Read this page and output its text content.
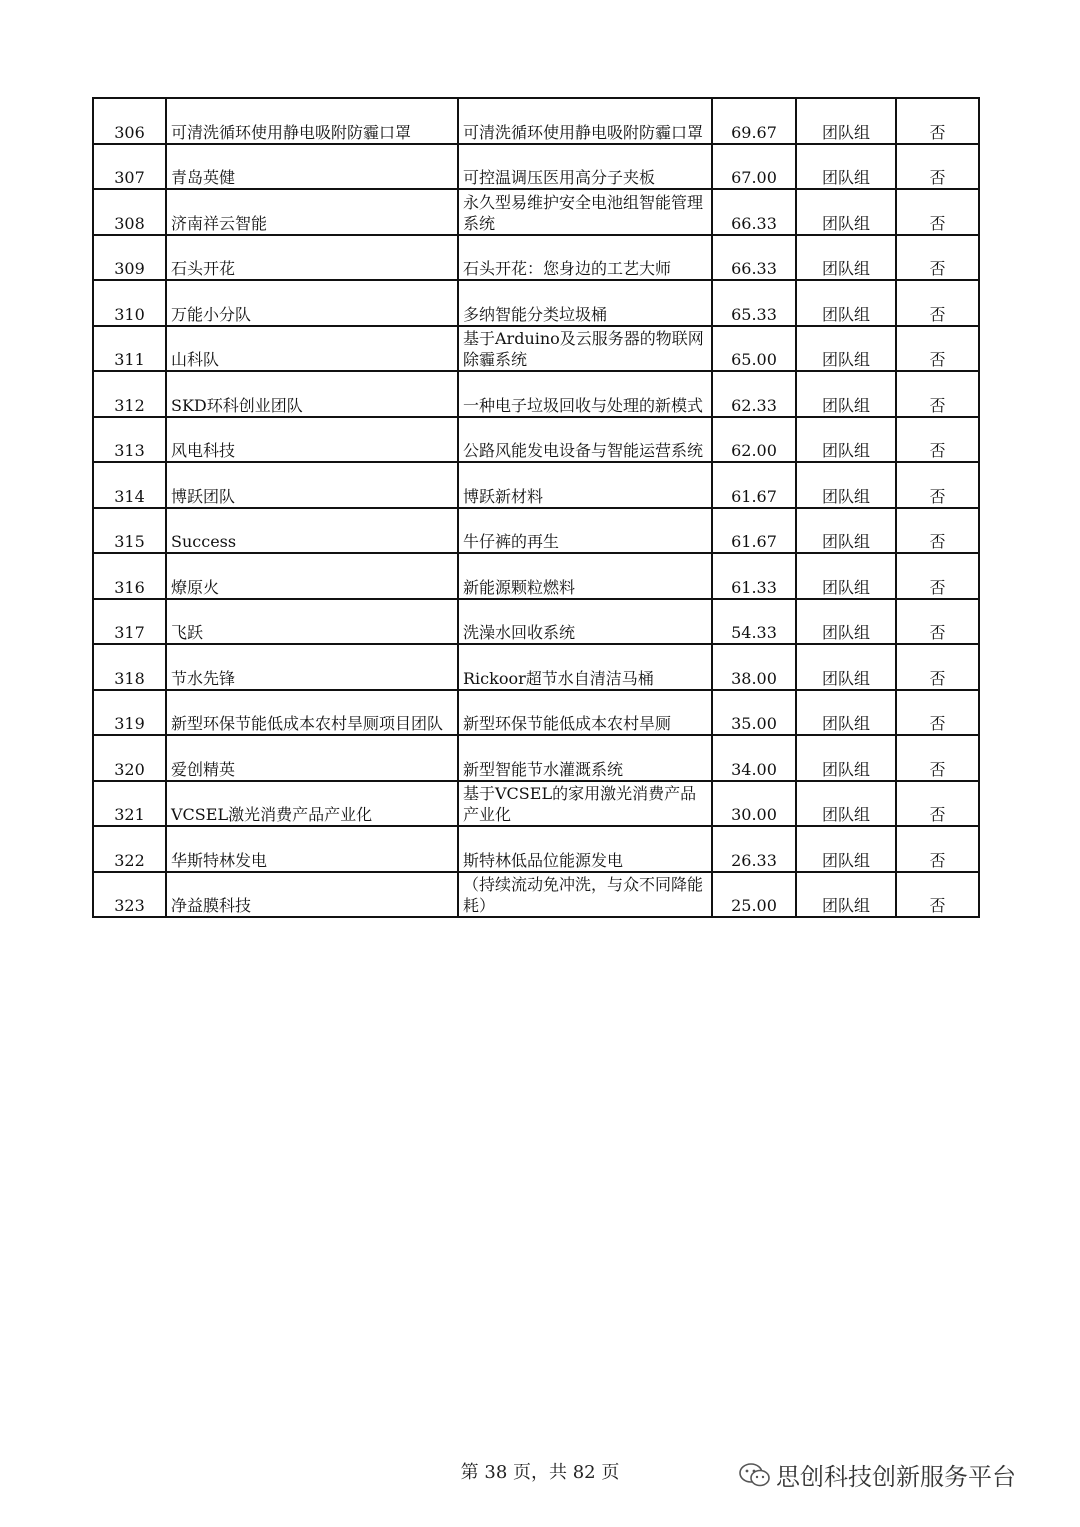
306	可清洗循环使用静电吸附防霾口罩	可清洗循环使用静电吸附防霾口罩	69.67	团队组	否
307	青岛英健	可控温调压医用高分子夹板	67.00	团队组	否
308	济南祥云智能	永久型易维护安全电池组智能管理系统	66.33	团队组	否
309	石头开花	石头开花：您身边的工艺大师	66.33	团队组	否
310	万能小分队	多纳智能分类垃圾桶	65.33	团队组	否
311	山科队	基于Arduino及云服务器的物联网除霾系统	65.00	团队组	否
312	SKD环科创业团队	一种电子垃圾回收与处理的新模式	62.33	团队组	否
313	风电科技	公路风能发电设备与智能运营系统	62.00	团队组	否
314	博跃团队	博跃新材料	61.67	团队组	否
315	Success	牛仔裤的再生	61.67	团队组	否
316	燎原火	新能源颗粒燃料	61.33	团队组	否
317	飞跃	洗澡水回收系统	54.33	团队组	否
318	节水先锋	Rickoor超节水自清洁马桶	38.00	团队组	否
319	新型环保节能低成本农村旱厕项目团队	新型环保节能低成本农村旱厕	35.00	团队组	否
320	爱创精英	新型智能节水灌溉系统	34.00	团队组	否
321	VCSEL激光消费产品产业化	基于VCSEL的家用激光消费产品产业化	30.00	团队组	否
322	华斯特林发电	斯特林低品位能源发电	26.33	团队组	否
323	净益膜科技	（持续流动免冲洗，与众不同降能耗）	25.00	团队组	否
第 38 页，共 82 页	思创科技创新服务平台
